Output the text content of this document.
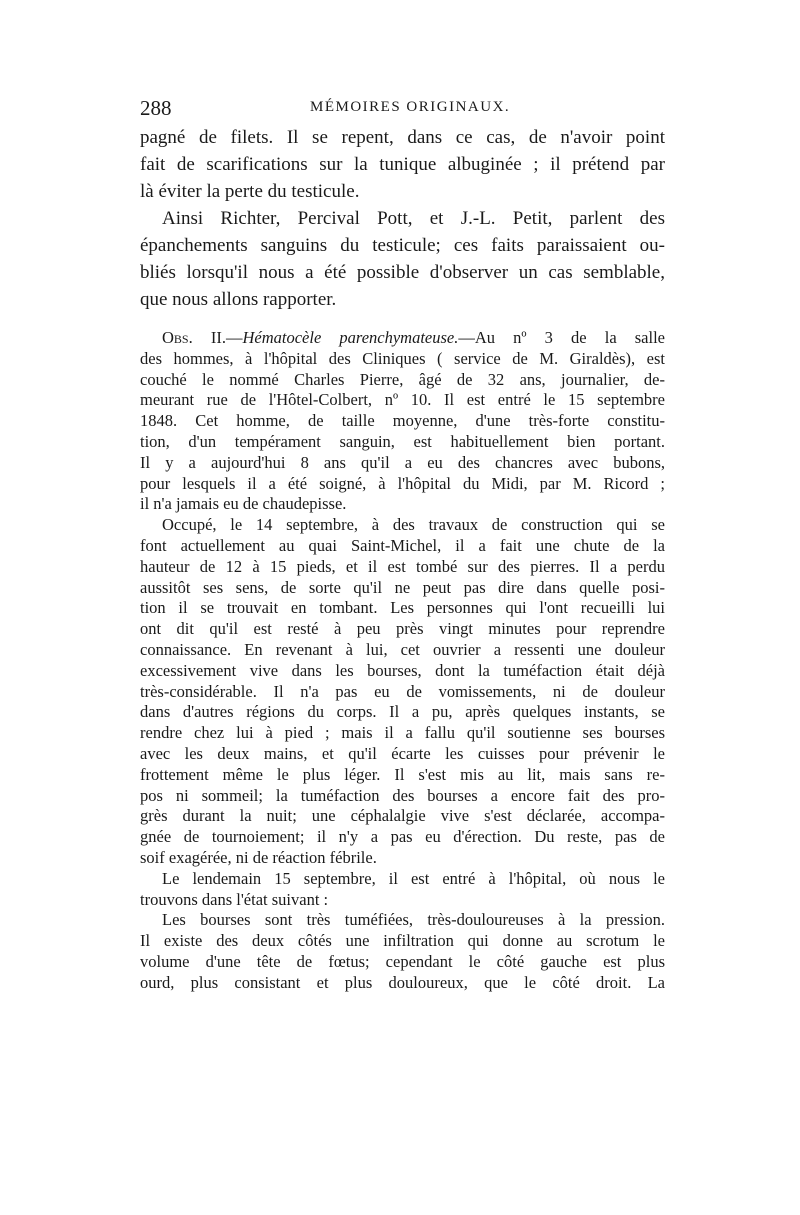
288	MÉMOIRES ORIGINAUX.
pagné de filets. Il se repent, dans ce cas, de n'avoir point
fait de scarifications sur la tunique albuginée ; il prétend par
là éviter la perte du testicule.
Ainsi Richter, Percival Pott, et J.-L. Petit, parlent des
épanchements sanguins du testicule; ces faits paraissaient ou-
bliés lorsqu'il nous a été possible d'observer un cas semblable,
que nous allons rapporter.
Obs. II.—Hématocèle parenchymateuse.—Au nº 3 de la salle
des hommes, à l'hôpital des Cliniques ( service de M. Giraldès), est
couché le nommé Charles Pierre, âgé de 32 ans, journalier, de-
meurant rue de l'Hôtel-Colbert, nº 10. Il est entré le 15 septembre
1848. Cet homme, de taille moyenne, d'une très-forte constitu-
tion, d'un tempérament sanguin, est habituellement bien portant.
Il y a aujourd'hui 8 ans qu'il a eu des chancres avec bubons,
pour lesquels il a été soigné, à l'hôpital du Midi, par M. Ricord ;
il n'a jamais eu de chaudepisse.
Occupé, le 14 septembre, à des travaux de construction qui se
font actuellement au quai Saint-Michel, il a fait une chute de la
hauteur de 12 à 15 pieds, et il est tombé sur des pierres. Il a perdu
aussitôt ses sens, de sorte qu'il ne peut pas dire dans quelle posi-
tion il se trouvait en tombant. Les personnes qui l'ont recueilli lui
ont dit qu'il est resté à peu près vingt minutes pour reprendre
connaissance. En revenant à lui, cet ouvrier a ressenti une douleur
excessivement vive dans les bourses, dont la tuméfaction était déjà
très-considérable. Il n'a pas eu de vomissements, ni de douleur
dans d'autres régions du corps. Il a pu, après quelques instants, se
rendre chez lui à pied ; mais il a fallu qu'il soutienne ses bourses
avec les deux mains, et qu'il écarte les cuisses pour prévenir le
frottement même le plus léger. Il s'est mis au lit, mais sans re-
pos ni sommeil; la tuméfaction des bourses a encore fait des pro-
grès durant la nuit; une céphalalgie vive s'est déclarée, accompa-
gnée de tournoiement; il n'y a pas eu d'érection. Du reste, pas de
soif exagérée, ni de réaction fébrile.
Le lendemain 15 septembre, il est entré à l'hôpital, où nous le
trouvons dans l'état suivant :
Les bourses sont très tuméfiées, très-douloureuses à la pression.
Il existe des deux côtés une infiltration qui donne au scrotum le
volume d'une tête de fœtus; cependant le côté gauche est plus
ourd, plus consistant et plus douloureux, que le côté droit. La
